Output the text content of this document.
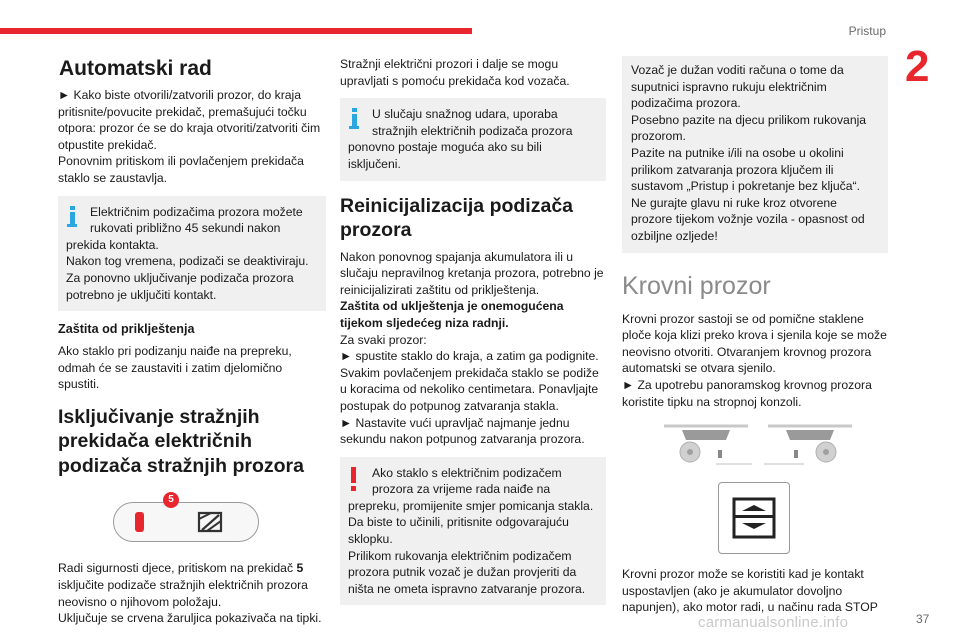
Pristup
2
Automatski rad

► Kako biste otvorili/zatvorili prozor, do kraja pritisnite/povucite prekidač, premašujući točku otpora: prozor će se do kraja otvoriti/zatvoriti čim otpustite prekidač.

Ponovnim pritiskom ili povlačenjem prekidača staklo se zaustavlja.

Električnim podizačima prozora možete

rukovati približno 45 sekundi nakon

prekida kontakta.
Nakon tog vremena, podizači se deaktiviraju. Za ponovno uključivanje podizača prozora potrebno je uključiti kontakt.

Zaštita od priklještenja

Ako staklo pri podizanju naiđe na prepreku, odmah će se zaustaviti i zatim djelomično spustiti.

Isključivanje stražnjih prekidača električnih podizača stražnjih prozora
5

Radi sigurnosti djece, pritiskom na prekidač 5 isključite podizače stražnjih električnih prozora neovisno o njihovom položaju.

Uključuje se crvena žaruljica pokazivača na tipki.

Stražnji električni prozori i dalje se mogu upravljati s pomoću prekidača kod vozača.

U slučaju snažnog udara, uporaba

stražnjih električnih podizača prozora

ponovno postaje moguća ako su bili isključeni.

Reinicijalizacija podizača prozora

Nakon ponovnog spajanja akumulatora ili u slučaju nepravilnog kretanja prozora, potrebno je reinicijalizirati zaštitu od priklještenja.

Zaštita od uklještenja je onemogućena tijekom sljedećeg niza radnji.

Za svaki prozor:

► spustite staklo do kraja, a zatim ga podignite. Svakim povlačenjem prekidača staklo se podiže u koracima od nekoliko centimetara. Ponavljajte postupak do potpunog zatvaranja stakla.

► Nastavite vući upravljač najmanje jednu sekundu nakon potpunog zatvaranja prozora.

Ako staklo s električnim podizačem

prozora za vrijeme rada naiđe na

prepreku, promijenite smjer pomicanja stakla. Da biste to učinili, pritisnite odgovarajuću sklopku.
Prilikom rukovanja električnim podizačem prozora putnik vozač je dužan provjeriti da ništa ne ometa ispravno zatvaranje prozora.

Vozač je dužan voditi računa o tome da suputnici ispravno rukuju električnim podizačima prozora.
Posebno pazite na djecu prilikom rukovanja prozorom.
Pazite na putnike i/ili na osobe u okolini prilikom zatvaranja prozora ključem ili sustavom „Pristup i pokretanje bez ključa“.
Ne gurajte glavu ni ruke kroz otvorene prozore tijekom vožnje vozila - opasnost od ozbiljne ozljede!

Krovni prozor

Krovni prozor sastoji se od pomične staklene ploče koja klizi preko krova i sjenila koje se može neovisno otvoriti. Otvaranjem krovnog prozora automatski se otvara sjenilo.

► Za upotrebu panoramskog krovnog prozora koristite tipku na stropnoj konzoli.

Krovni prozor može se koristiti kad je kontakt uspostavljen (ako je akumulator dovoljno napunjen), ako motor radi, u načinu rada STOP

carmanualsonline.info	37
